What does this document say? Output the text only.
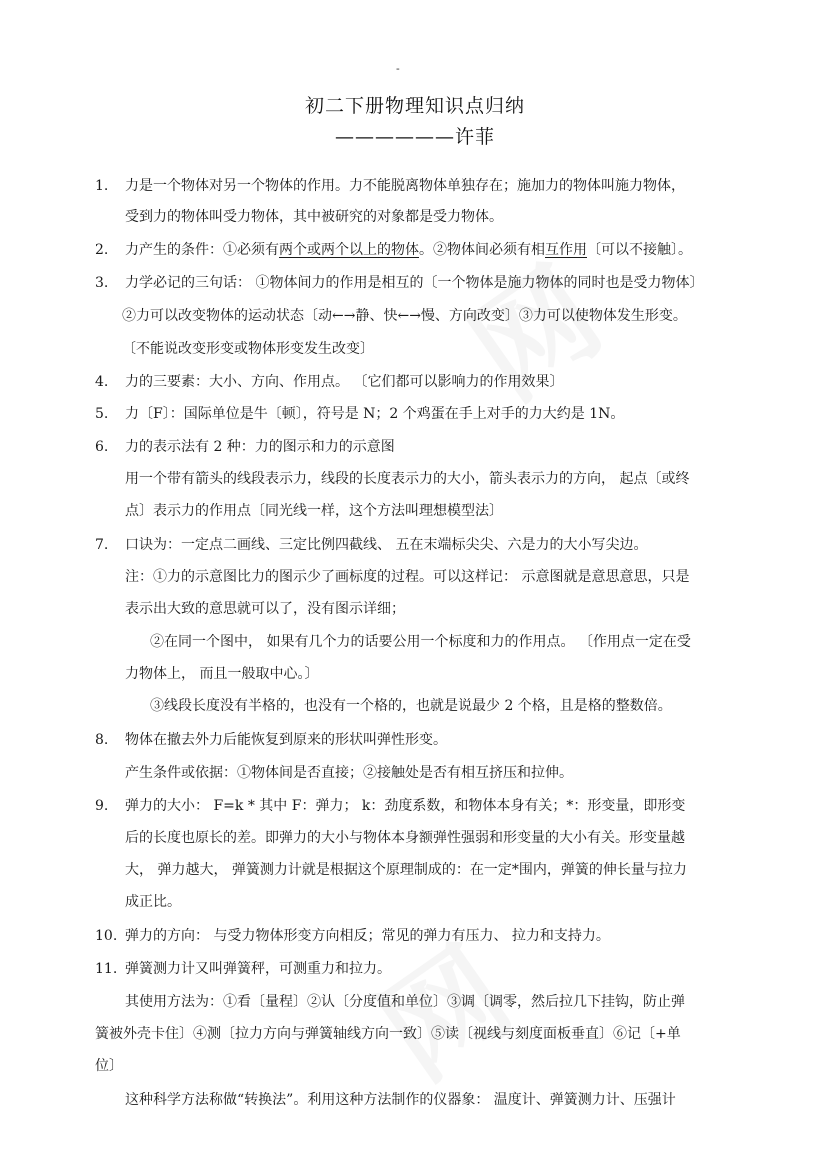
-
初二下册物理知识点归纳
——————许菲
1. 力是一个物体对另一个物体的作用。力不能脱离物体单独存在；施加力的物体叫施力物体，
受到力的物体叫受力物体，其中被研究的对象都是受力物体。
2. 力产生的条件：①必须有两个或两个以上的物体。②物体间必须有相互作用〔可以不接触〕。
3. 力学必记的三句话： ①物体间力的作用是相互的〔一个物体是施力物体的同时也是受力物体〕
②力可以改变物体的运动状态〔动←→静、快←→慢、方向改变〕③力可以使物体发生形变。
〔不能说改变形变或物体形变发生改变〕
4. 力的三要素：大小、方向、作用点。 〔它们都可以影响力的作用效果〕
5. 力〔F〕：国际单位是牛〔顿〕，符号是 N；2 个鸡蛋在手上对手的力大约是 1N。
6. 力的表示法有 2 种：力的图示和力的示意图
用一个带有箭头的线段表示力，线段的长度表示力的大小，箭头表示力的方向， 起点〔或终
点〕表示力的作用点〔同光线一样，这个方法叫理想模型法〕
7. 口诀为：一定点二画线、三定比例四截线、 五在末端标尖尖、六是力的大小写尖边。
注：①力的示意图比力的图示少了画标度的过程。可以这样记： 示意图就是意思意思，只是
表示出大致的意思就可以了，没有图示详细；
②在同一个图中， 如果有几个力的话要公用一个标度和力的作用点。 〔作用点一定在受
力物体上， 而且一般取中心。〕
③线段长度没有半格的，也没有一个格的，也就是说最少 2 个格，且是格的整数倍。
8. 物体在撤去外力后能恢复到原来的形状叫弹性形变。
产生条件或依据：①物体间是否直接；②接触处是否有相互挤压和拉伸。
9. 弹力的大小： F=k * 其中 F：弹力； k：劲度系数，和物体本身有关；*：形变量，即形变
后的长度也原长的差。即弹力的大小与物体本身额弹性强弱和形变量的大小有关。形变量越
大， 弹力越大， 弹簧测力计就是根据这个原理制成的：在一定*围内，弹簧的伸长量与拉力
成正比。
10. 弹力的方向： 与受力物体形变方向相反；常见的弹力有压力、 拉力和支持力。
11. 弹簧测力计又叫弹簧秤，可测重力和拉力。
其使用方法为：①看〔量程〕②认〔分度值和单位〕③调〔调零，然后拉几下挂钩，防止弹
簧被外壳卡住〕④测〔拉力方向与弹簧轴线方向一致〕⑤读〔视线与刻度面板垂直〕⑥记〔+单
位〕
这种科学方法称做“转换法”。利用这种方法制作的仪器象： 温度计、弹簧测力计、压强计
